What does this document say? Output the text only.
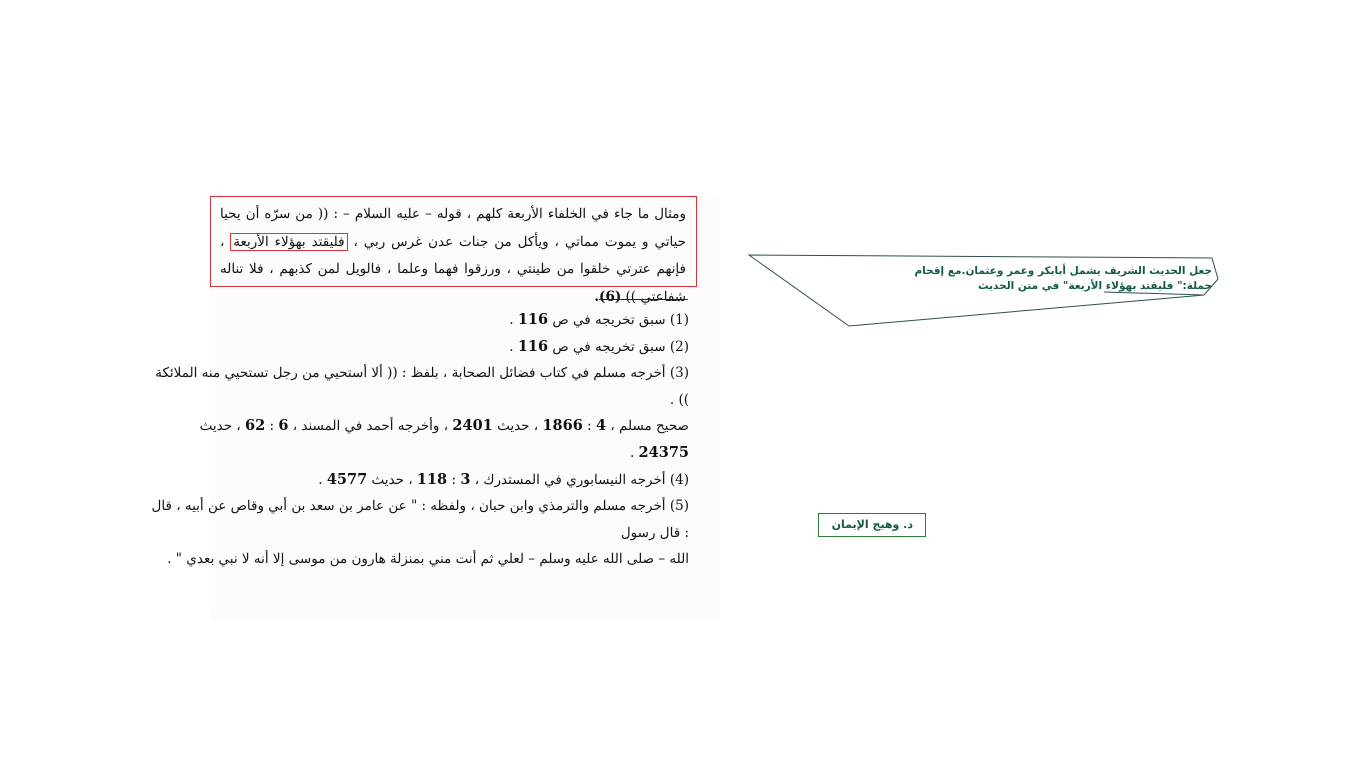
ومثال ما جاء في الخلفاء الأربعة كلهم ، قوله – عليه السلام – : (( من سرّه أن يحيا حياتي و يموت مماتي ، ويأكل من جنات عدن غرس ربي ، فليقتد بهؤلاء الأربعة ، فإنهم عترتي خلقوا من طينتي ، ورزقوا فهما وعلما ، فالويل لمن كذبهم ، فلا تناله شفاعتي )) (6).
(1) سبق تخريجه في ص 116 .
(2) سبق تخريجه في ص 116 .
(3) أخرجه مسلم في كتاب فضائل الصحابة ، بلفظ : (( ألا أستحيي من رجل تستحيي منه الملائكة
)) .
صحيح مسلم ، 4 : 1866 ، حديث 2401 ، وأخرجه أحمد في المسند ، 6 : 62 ، حديث
24375 .
(4) أخرجه النيسابوري في المستدرك ، 3 : 118 ، حديث 4577 .
(5) أخرجه مسلم والترمذي وابن حبان ، ولفظه : " عن عامر بن سعد بن أبي وقاص عن أبيه ، قال
: قال رسول
الله – صلى الله عليه وسلم – لعلي ثم أنت مني بمنزلة هارون من موسى إلا أنه لا نبي بعدي " .
جعل الحديث الشريف يشمل أبابكر وعمر وعثمان.مع إقحام
جملة:" فليقتد بهؤلاء الأربعة" في متن الحديث
د. وهيج الإيمان
